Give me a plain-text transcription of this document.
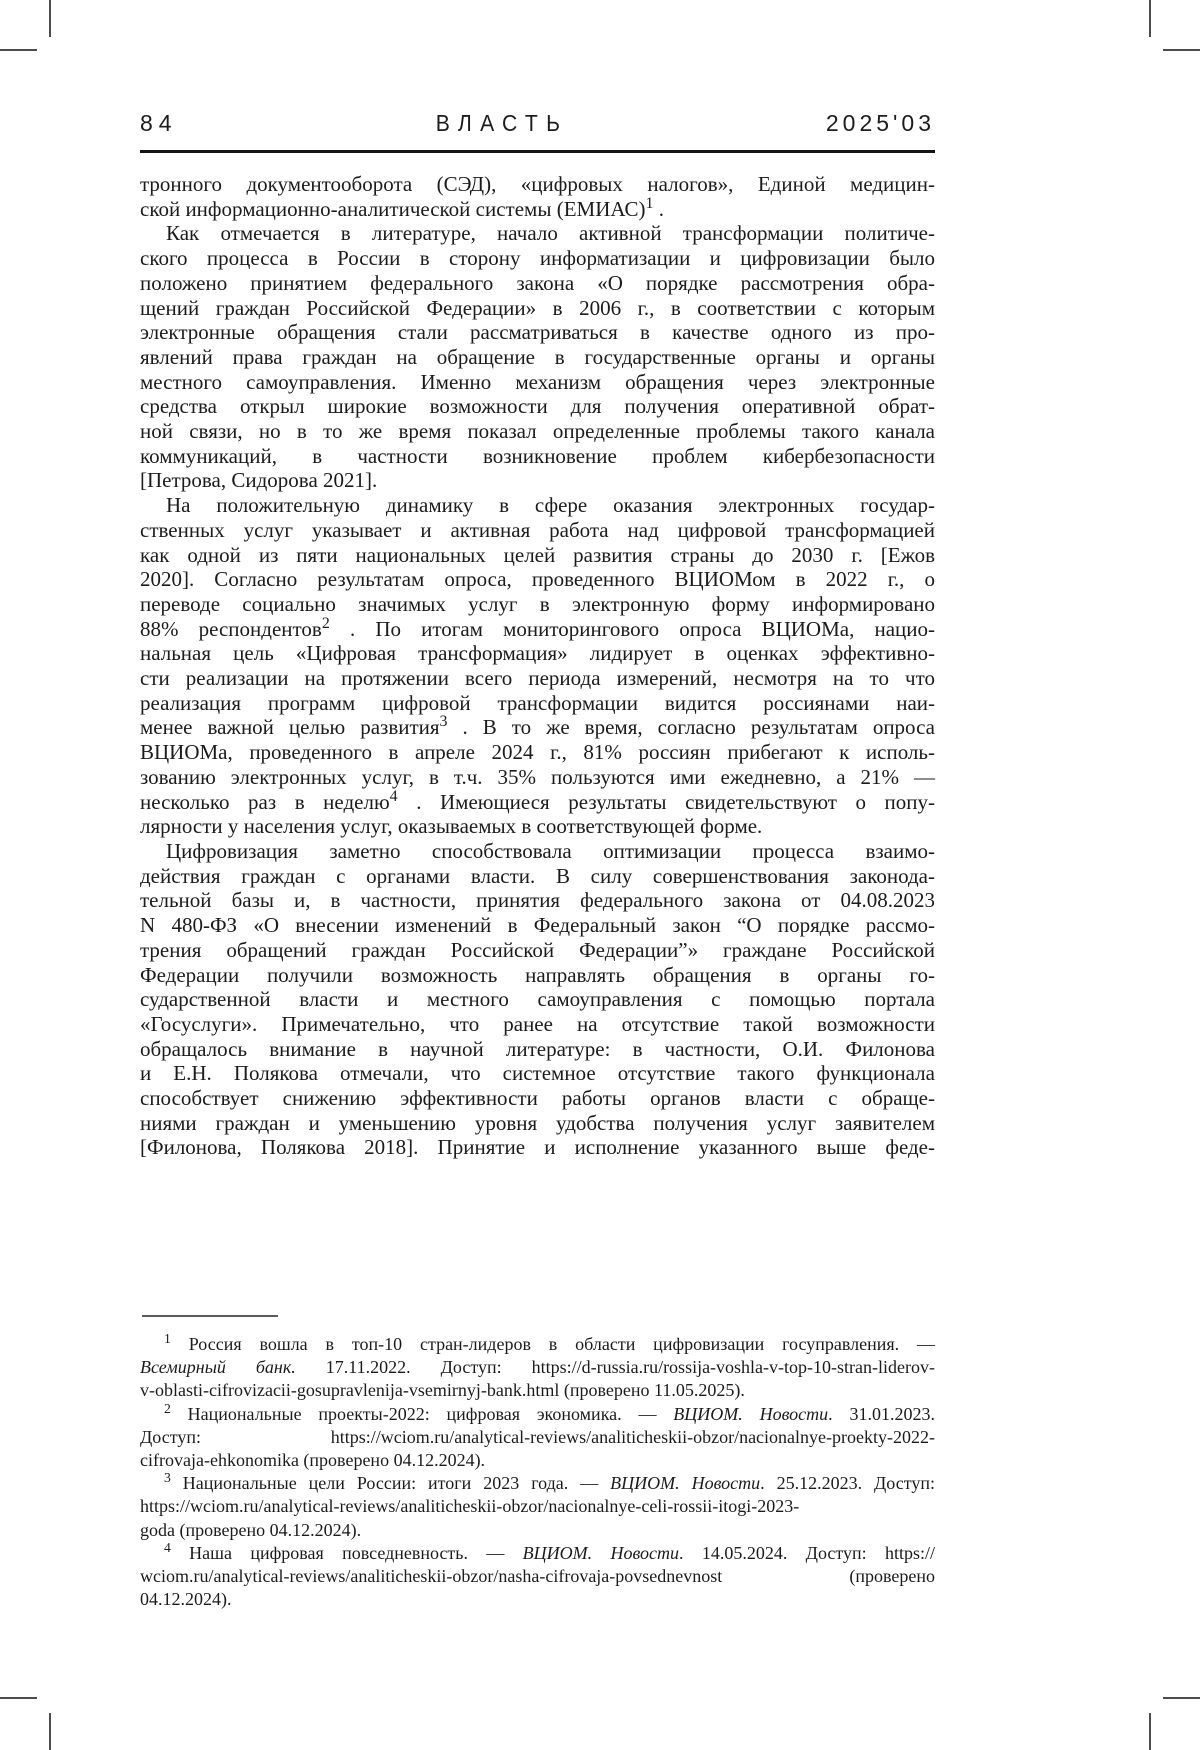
84	ВЛАСТЬ	2025'03
тронного документооборота (СЭД), «цифровых налогов», Единой медицин-
ской информационно-аналитической системы (ЕМИАС)$^1$ .
Как отмечается в литературе, начало активной трансформации политиче-
ского процесса в России в сторону информатизации и цифровизации было
положено принятием федерального закона «О порядке рассмотрения обра-
щений граждан Российской Федерации» в 2006 г., в соответствии с которым
электронные обращения стали рассматриваться в качестве одного из про-
явлений права граждан на обращение в государственные органы и органы
местного самоуправления. Именно механизм обращения через электронные
средства открыл широкие возможности для получения оперативной обрат-
ной связи, но в то же время показал определенные проблемы такого канала
коммуникаций, в частности возникновение проблем кибербезопасности
[Петрова, Сидорова 2021].
На положительную динамику в сфере оказания электронных государ-
ственных услуг указывает и активная работа над цифровой трансформацией
как одной из пяти национальных целей развития страны до 2030 г. [Ежов
2020]. Согласно результатам опроса, проведенного ВЦИОМом в 2022 г., о
переводе социально значимых услуг в электронную форму информировано
88% респондентов$^2$ . По итогам мониторингового опроса ВЦИОМа, нацио-
нальная цель «Цифровая трансформация» лидирует в оценках эффективно-
сти реализации на протяжении всего периода измерений, несмотря на то что
реализация программ цифровой трансформации видится россиянами наи-
менее важной целью развития$^3$ . В то же время, согласно результатам опроса
ВЦИОМа, проведенного в апреле 2024 г., 81% россиян прибегают к исполь-
зованию электронных услуг, в т.ч. 35% пользуются ими ежедневно, а 21% —
несколько раз в неделю$^4$ . Имеющиеся результаты свидетельствуют о попу-
лярности у населения услуг, оказываемых в соответствующей форме.
Цифровизация заметно способствовала оптимизации процесса взаимо-
действия граждан с органами власти. В силу совершенствования законода-
тельной базы и, в частности, принятия федерального закона от 04.08.2023
N 480-ФЗ «О внесении изменений в Федеральный закон “О порядке рассмо-
трения обращений граждан Российской Федерации”» граждане Российской
Федерации получили возможность направлять обращения в органы го-
сударственной власти и местного самоуправления с помощью портала
«Госуслуги». Примечательно, что ранее на отсутствие такой возможности
обращалось внимание в научной литературе: в частности, О.И. Филонова
и Е.Н. Полякова отмечали, что системное отсутствие такого функционала
способствует снижению эффективности работы органов власти с обраще-
ниями граждан и уменьшению уровня удобства получения услуг заявителем
[Филонова, Полякова 2018]. Принятие и исполнение указанного выше феде-
$^1$ Россия вошла в топ-10 стран-лидеров в области цифровизации госуправления. —
Всемирный банк. 17.11.2022. Доступ: https://d-russia.ru/rossija-voshla-v-top-10-stran-liderov-
v-oblasti-cifrovizacii-gosupravlenija-vsemirnyj-bank.html (проверено 11.05.2025).
$^2$ Национальные проекты-2022: цифровая экономика. — ВЦИОМ. Новости. 31.01.2023.
Доступ: https://wciom.ru/analytical-reviews/analiticheskii-obzor/nacionalnye-proekty-2022-
cifrovaja-ehkonomika (проверено 04.12.2024).
$^3$ Национальные цели России: итоги 2023 года. — ВЦИОМ. Новости. 25.12.2023. Доступ:
https://wciom.ru/analytical-reviews/analiticheskii-obzor/nacionalnye-celi-rossii-itogi-2023-
goda (проверено 04.12.2024).
$^4$ Наша цифровая повседневность. — ВЦИОМ. Новости. 14.05.2024. Доступ: https://
wciom.ru/analytical-reviews/analiticheskii-obzor/nasha-cifrovaja-povsednevnost (проверено
04.12.2024).
